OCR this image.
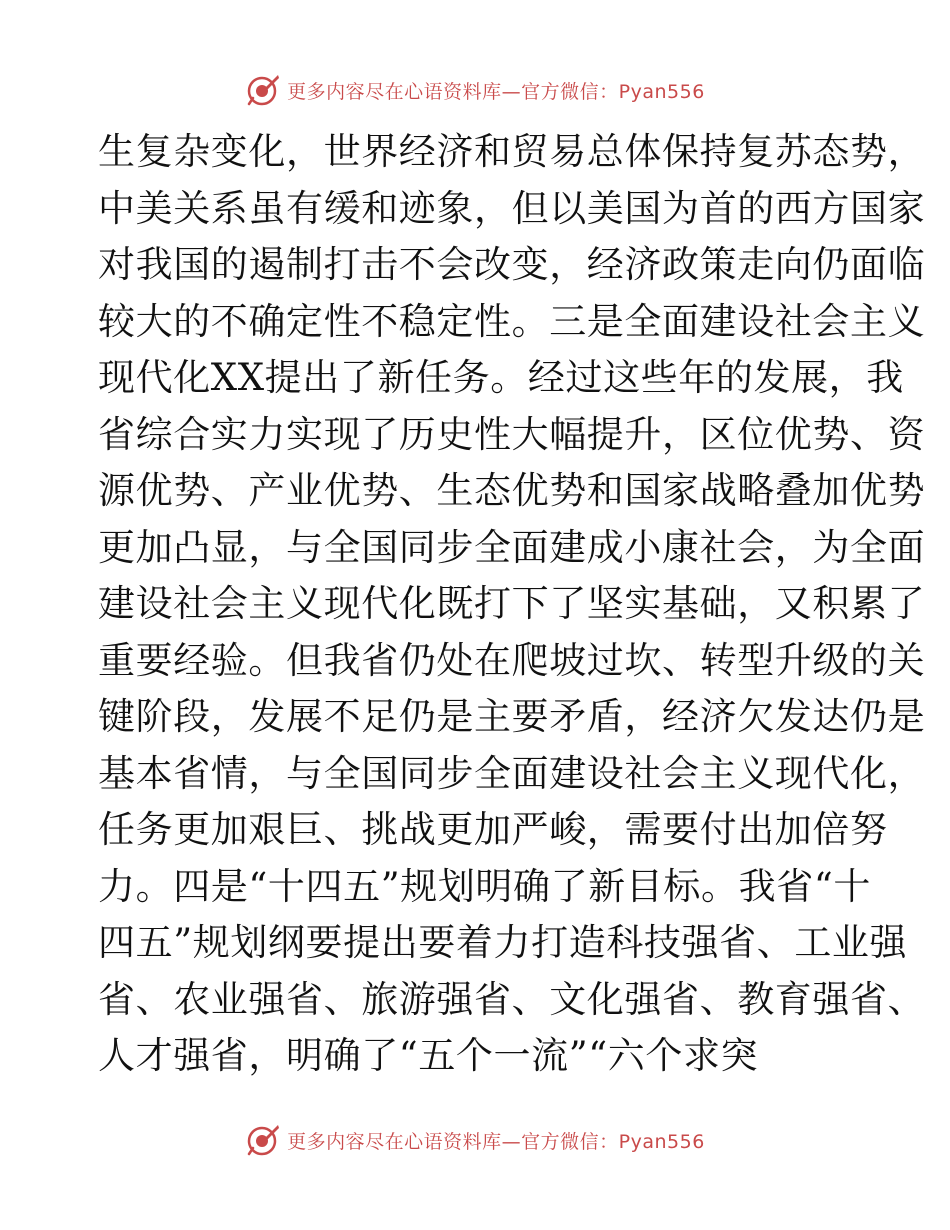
更多内容尽在心语资料库—官方微信：Pyan556
生复杂变化，世界经济和贸易总体保持复苏态势，
中美关系虽有缓和迹象，但以美国为首的西方国家
对我国的遏制打击不会改变，经济政策走向仍面临
较大的不确定性不稳定性。三是全面建设社会主义
现代化XX提出了新任务。经过这些年的发展，我
省综合实力实现了历史性大幅提升，区位优势、资
源优势、产业优势、生态优势和国家战略叠加优势
更加凸显，与全国同步全面建成小康社会，为全面
建设社会主义现代化既打下了坚实基础，又积累了
重要经验。但我省仍处在爬坡过坎、转型升级的关
键阶段，发展不足仍是主要矛盾，经济欠发达仍是
基本省情，与全国同步全面建设社会主义现代化，
任务更加艰巨、挑战更加严峻，需要付出加倍努
力。四是“十四五”规划明确了新目标。我省“十
四五”规划纲要提出要着力打造科技强省、工业强
省、农业强省、旅游强省、文化强省、教育强省、
人才强省，明确了“五个一流”“六个求突
更多内容尽在心语资料库—官方微信：Pyan556
